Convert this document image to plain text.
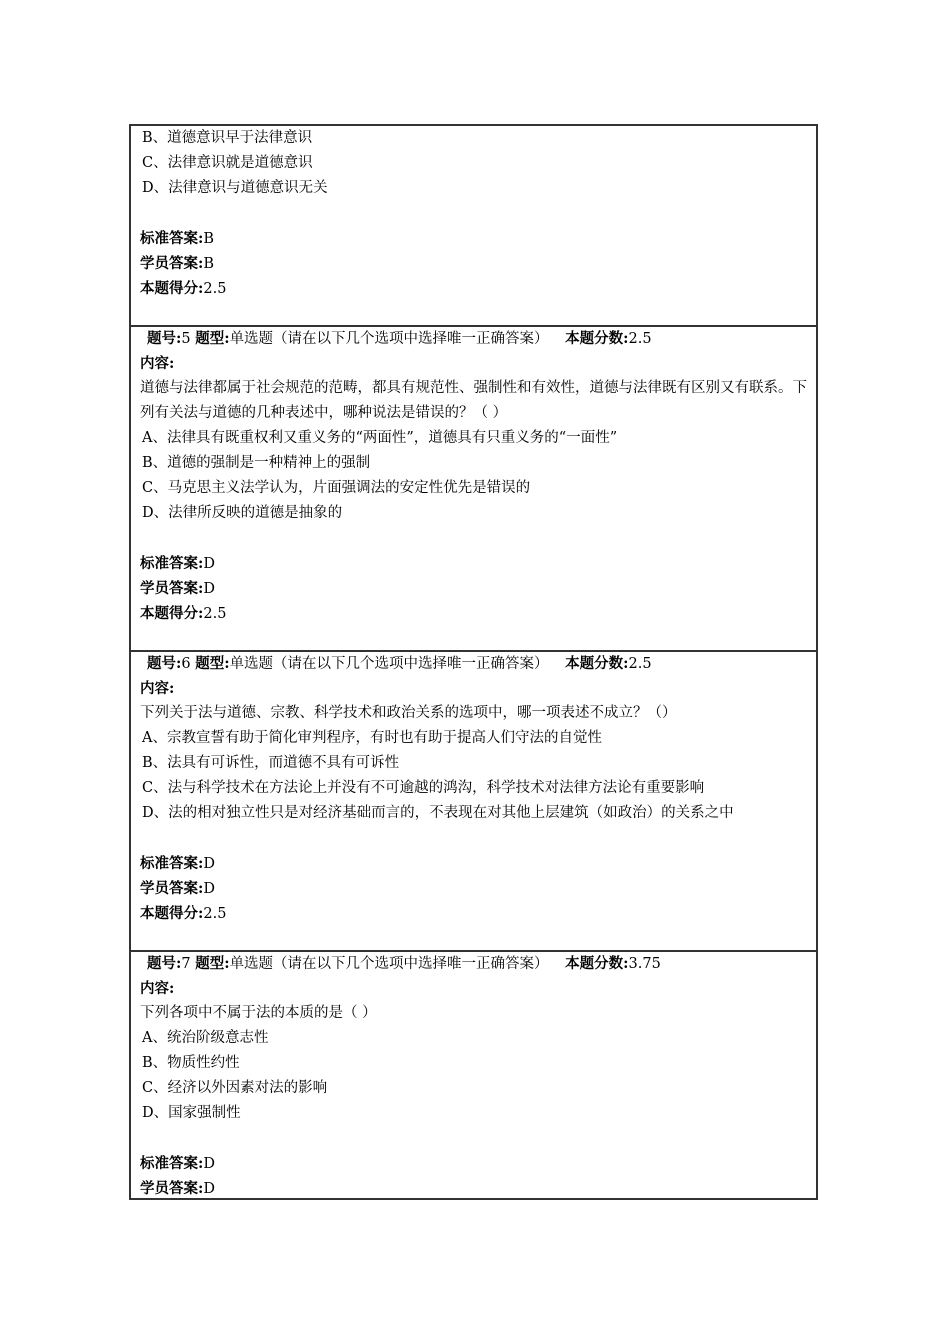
B、道德意识早于法律意识
C、法律意识就是道德意识
D、法律意识与道德意识无关
标准答案:B
学员答案:B
本题得分:2.5
题号:5 题型:单选题（请在以下几个选项中选择唯一正确答案） 本题分数:2.5
内容:
道德与法律都属于社会规范的范畴，都具有规范性、强制性和有效性，道德与法律既有区别又有联系。下列有关法与道德的几种表述中，哪种说法是错误的？（ ）
A、法律具有既重权利又重义务的“两面性”，道德具有只重义务的“一面性”
B、道德的强制是一种精神上的强制
C、马克思主义法学认为，片面强调法的安定性优先是错误的
D、法律所反映的道德是抽象的
标准答案:D
学员答案:D
本题得分:2.5
题号:6 题型:单选题（请在以下几个选项中选择唯一正确答案） 本题分数:2.5
内容:
下列关于法与道德、宗教、科学技术和政治关系的选项中，哪一项表述不成立？（）
A、宗教宣誓有助于简化审判程序，有时也有助于提高人们守法的自觉性
B、法具有可诉性，而道德不具有可诉性
C、法与科学技术在方法论上并没有不可逾越的鸿沟，科学技术对法律方法论有重要影响
D、法的相对独立性只是对经济基础而言的，不表现在对其他上层建筑（如政治）的关系之中
标准答案:D
学员答案:D
本题得分:2.5
题号:7 题型:单选题（请在以下几个选项中选择唯一正确答案） 本题分数:3.75
内容:
下列各项中不属于法的本质的是（ ）
A、统治阶级意志性
B、物质性约性
C、经济以外因素对法的影响
D、国家强制性
标准答案:D
学员答案:D
